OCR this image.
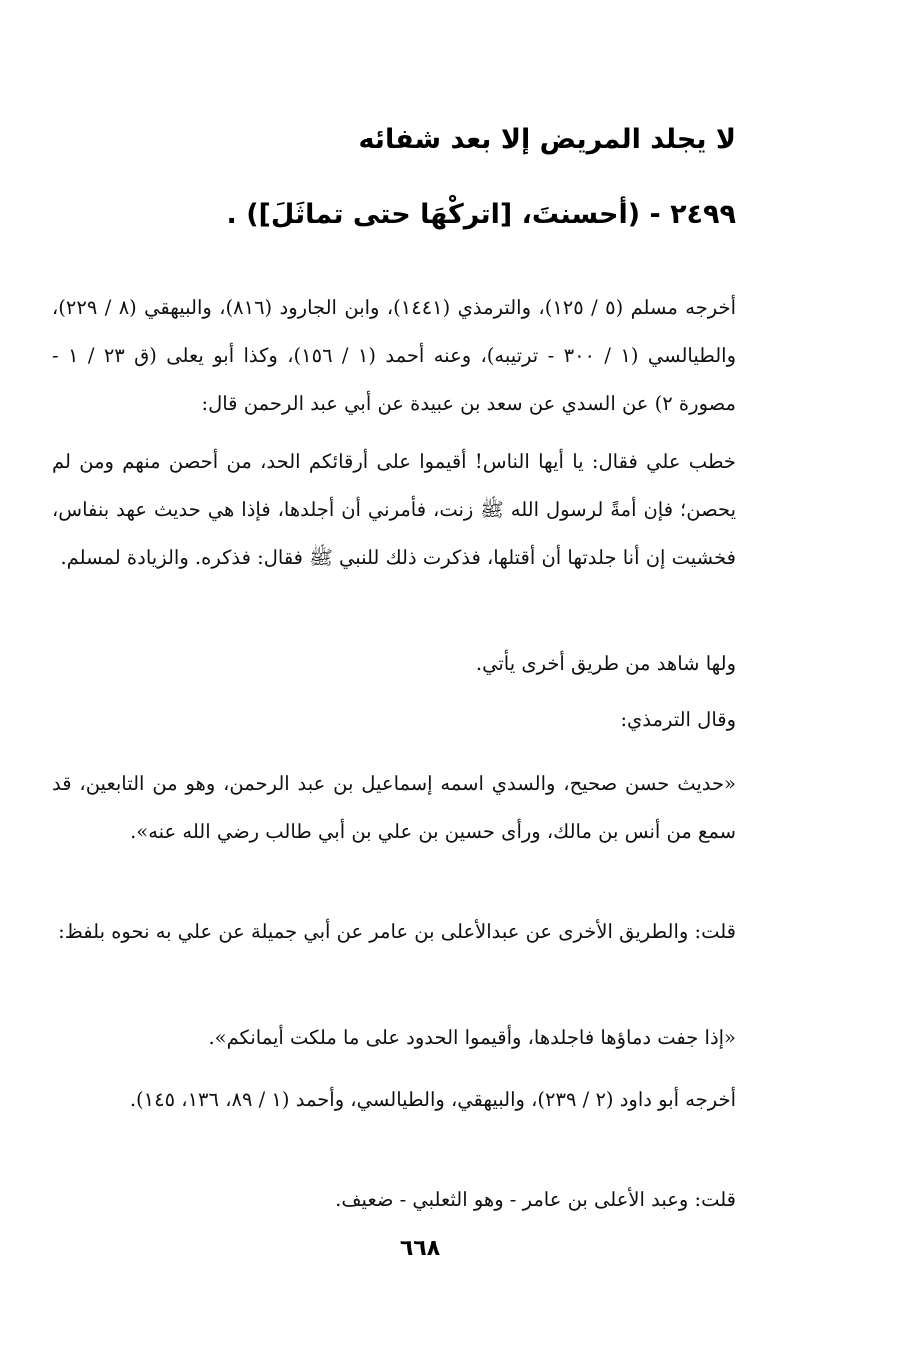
لا يجلد المريض إلا بعد شفائه
٢٤٩٩ - (أحسنتَ، [اتركْهَا حتى تماثَلَ]) .

أخرجه مسلم (٥ / ١٢٥)، والترمذي (١٤٤١)، وابن الجارود (٨١٦)، والبيهقي (٨ / ٢٢٩)، والطيالسي (١ / ٣٠٠ - ترتيبه)، وعنه أحمد (١ / ١٥٦)، وكذا أبو يعلى (ق ٢٣ / ١ - مصورة ٢) عن السدي عن سعد بن عبيدة عن أبي عبد الرحمن قال:

خطب علي فقال: يا أيها الناس! أقيموا على أرقائكم الحد، من أحصن منهم ومن لم يحصن؛ فإن أمةً لرسول الله ﷺ زنت، فأمرني أن أجلدها، فإذا هي حديث عهد بنفاس، فخشيت إن أنا جلدتها أن أقتلها، فذكرت ذلك للنبي ﷺ فقال: فذكره. والزيادة لمسلم.

ولها شاهد من طريق أخرى يأتي.

وقال الترمذي:

«حديث حسن صحيح، والسدي اسمه إسماعيل بن عبد الرحمن، وهو من التابعين، قد سمع من أنس بن مالك، ورأى حسين بن علي بن أبي طالب رضي الله عنه».

قلت: والطريق الأخرى عن عبدالأعلى بن عامر عن أبي جميلة عن علي به نحوه بلفظ:

«إذا جفت دماؤها فاجلدها، وأقيموا الحدود على ما ملكت أيمانكم».

أخرجه أبو داود (٢ / ٢٣٩)، والبيهقي، والطيالسي، وأحمد (١ / ٨٩، ١٣٦، ١٤٥).

قلت: وعبد الأعلى بن عامر - وهو الثعلبي - ضعيف.

٦٦٨
